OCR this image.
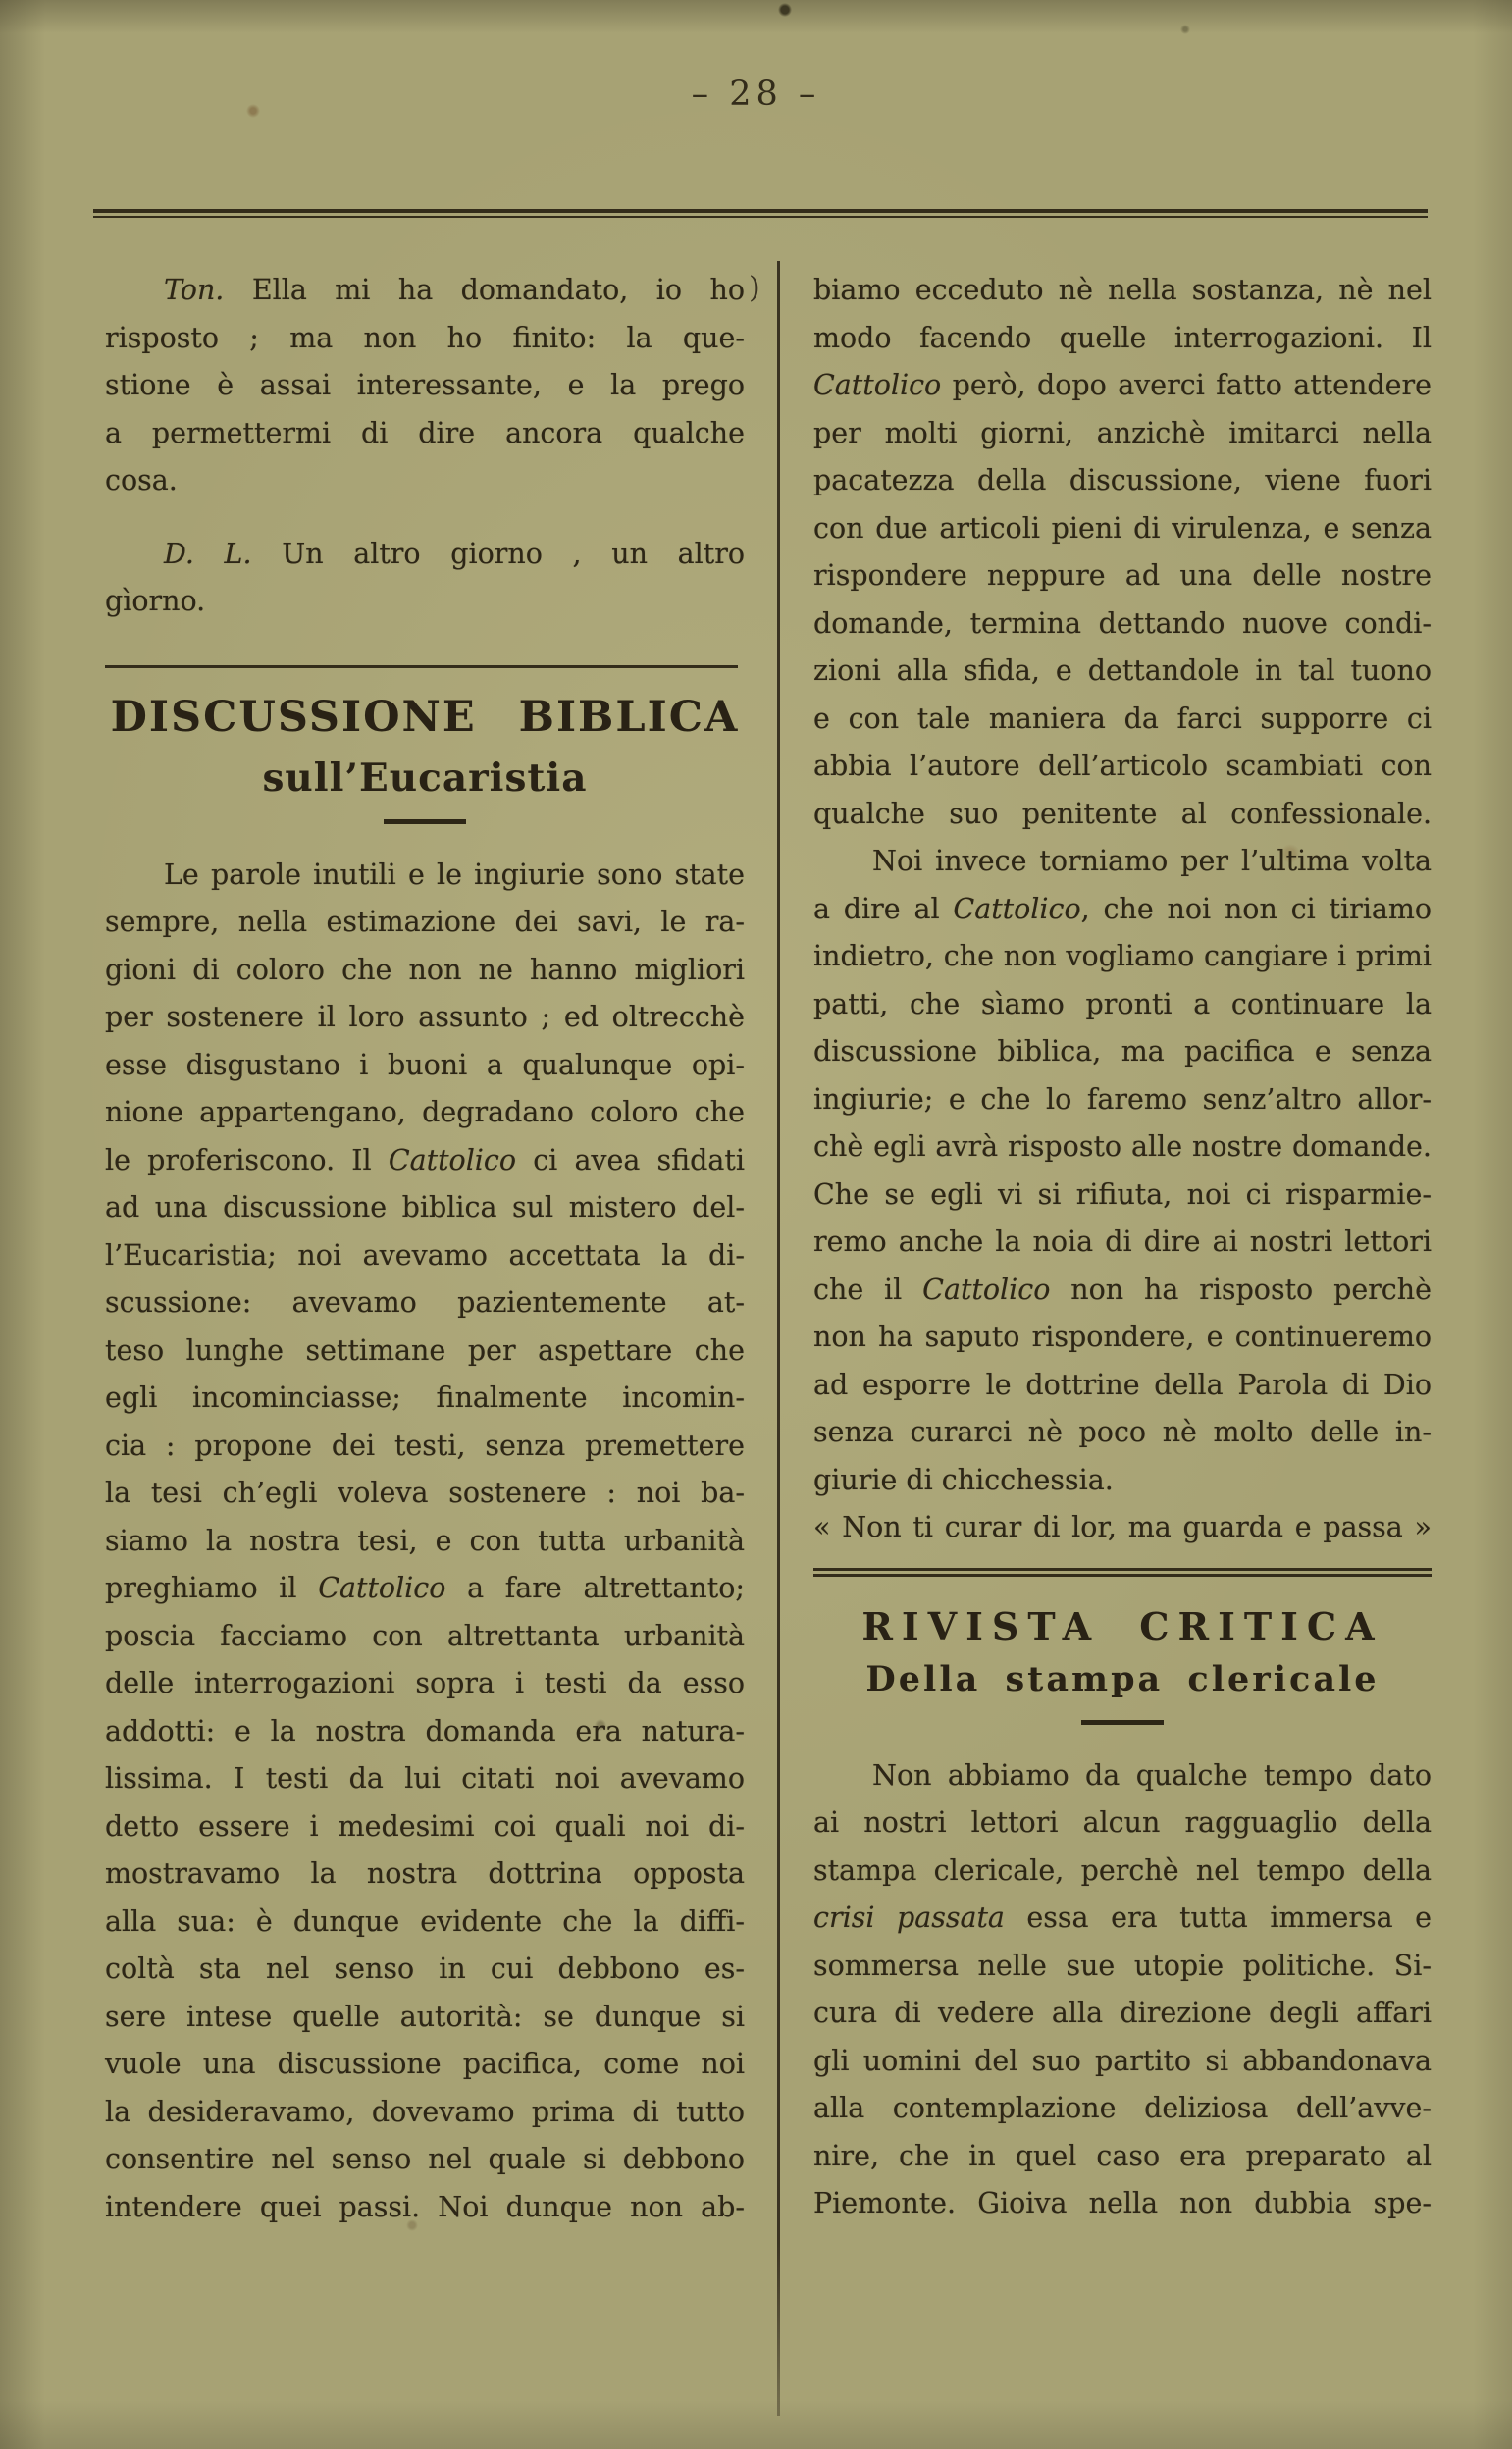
– 28 –
)
Ton. Ella mi ha domandato, io ho
risposto ; ma non ho finito: la que-
stione è assai interessante, e la prego
a permettermi di dire ancora qualche
cosa.
D. L. Un altro giorno , un altro
gìorno.
DISCUSSIONE BIBLICA
sull’Eucaristia
Le parole inutili e le ingiurie sono state
sempre, nella estimazione dei savi, le ra-
gioni di coloro che non ne hanno migliori
per sostenere il loro assunto ; ed oltrecchè
esse disgustano i buoni a qualunque opi-
nione appartengano, degradano coloro che
le proferiscono. Il Cattolico ci avea sfidati
ad una discussione biblica sul mistero del-
l’Eucaristia; noi avevamo accettata la di-
scussione: avevamo pazientemente at-
teso lunghe settimane per aspettare che
egli incominciasse; finalmente incomin-
cia : propone dei testi, senza premettere
la tesi ch’egli voleva sostenere : noi ba-
siamo la nostra tesi, e con tutta urbanità
preghiamo il Cattolico a fare altrettanto;
poscia facciamo con altrettanta urbanità
delle interrogazioni sopra i testi da esso
addotti: e la nostra domanda era natura-
lissima. I testi da lui citati noi avevamo
detto essere i medesimi coi quali noi di-
mostravamo la nostra dottrina opposta
alla sua: è dunque evidente che la diffi-
coltà sta nel senso in cui debbono es-
sere intese quelle autorità: se dunque si
vuole una discussione pacifica, come noi
la desideravamo, dovevamo prima di tutto
consentire nel senso nel quale si debbono
intendere quei passi. Noi dunque non ab-
biamo ecceduto nè nella sostanza, nè nel
modo facendo quelle interrogazioni. Il
Cattolico però, dopo averci fatto attendere
per molti giorni, anzichè imitarci nella
pacatezza della discussione, viene fuori
con due articoli pieni di virulenza, e senza
rispondere neppure ad una delle nostre
domande, termina dettando nuove condi-
zioni alla sfida, e dettandole in tal tuono
e con tale maniera da farci supporre ci
abbia l’autore dell’articolo scambiati con
qualche suo penitente al confessionale.
Noi invece torniamo per l’ultima volta
a dire al Cattolico, che noi non ci tiriamo
indietro, che non vogliamo cangiare i primi
patti, che sìamo pronti a continuare la
discussione biblica, ma pacifica e senza
ingiurie; e che lo faremo senz’altro allor-
chè egli avrà risposto alle nostre domande.
Che se egli vi si rifiuta, noi ci risparmie-
remo anche la noia di dire ai nostri lettori
che il Cattolico non ha risposto perchè
non ha saputo rispondere, e continueremo
ad esporre le dottrine della Parola di Dio
senza curarci nè poco nè molto delle in-
giurie di chicchessia.
« Non ti curar di lor, ma guarda e passa »
RIVISTA CRITICA
Della stampa clericale
Non abbiamo da qualche tempo dato
ai nostri lettori alcun ragguaglio della
stampa clericale, perchè nel tempo della
crisi passata essa era tutta immersa e
sommersa nelle sue utopie politiche. Si-
cura di vedere alla direzione degli affari
gli uomini del suo partito si abbandonava
alla contemplazione deliziosa dell’avve-
nire, che in quel caso era preparato al
Piemonte. Gioiva nella non dubbia spe-
